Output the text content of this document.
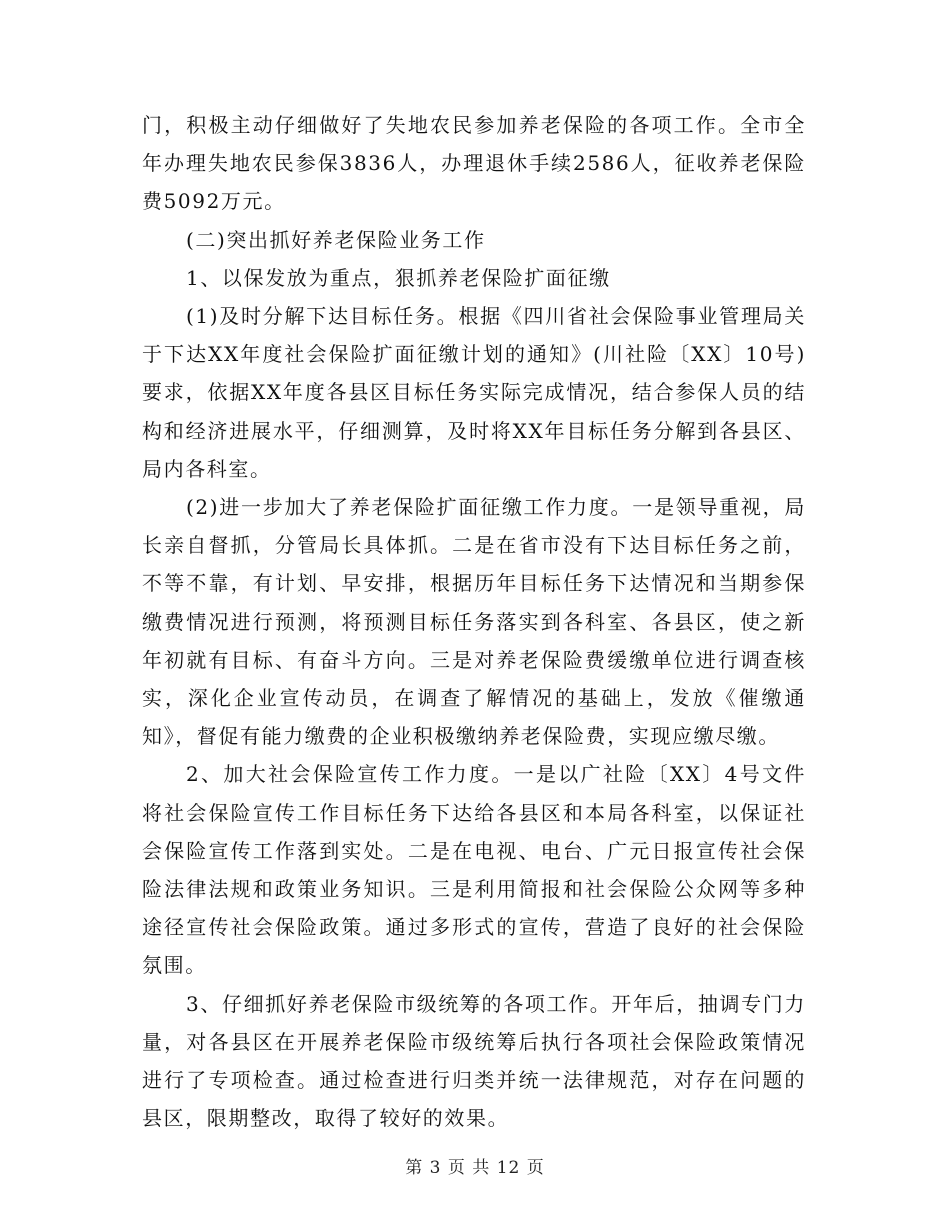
门，积极主动仔细做好了失地农民参加养老保险的各项工作。全市全年办理失地农民参保3836人，办理退休手续2586人，征收养老保险费5092万元。

(二)突出抓好养老保险业务工作

1、以保发放为重点，狠抓养老保险扩面征缴

(1)及时分解下达目标任务。根据《四川省社会保险事业管理局关于下达XX年度社会保险扩面征缴计划的通知》(川社险〔XX〕10号)要求，依据XX年度各县区目标任务实际完成情况，结合参保人员的结构和经济进展水平，仔细测算，及时将XX年目标任务分解到各县区、局内各科室。

(2)进一步加大了养老保险扩面征缴工作力度。一是领导重视，局长亲自督抓，分管局长具体抓。二是在省市没有下达目标任务之前，不等不靠，有计划、早安排，根据历年目标任务下达情况和当期参保缴费情况进行预测，将预测目标任务落实到各科室、各县区，使之新年初就有目标、有奋斗方向。三是对养老保险费缓缴单位进行调查核实，深化企业宣传动员，在调查了解情况的基础上，发放《催缴通知》，督促有能力缴费的企业积极缴纳养老保险费，实现应缴尽缴。

2、加大社会保险宣传工作力度。一是以广社险〔XX〕4号文件将社会保险宣传工作目标任务下达给各县区和本局各科室，以保证社会保险宣传工作落到实处。二是在电视、电台、广元日报宣传社会保险法律法规和政策业务知识。三是利用简报和社会保险公众网等多种途径宣传社会保险政策。通过多形式的宣传，营造了良好的社会保险氛围。

3、仔细抓好养老保险市级统筹的各项工作。开年后，抽调专门力量，对各县区在开展养老保险市级统筹后执行各项社会保险政策情况进行了专项检查。通过检查进行归类并统一法律规范，对存在问题的县区，限期整改，取得了较好的效果。

第 3 页 共 12 页
